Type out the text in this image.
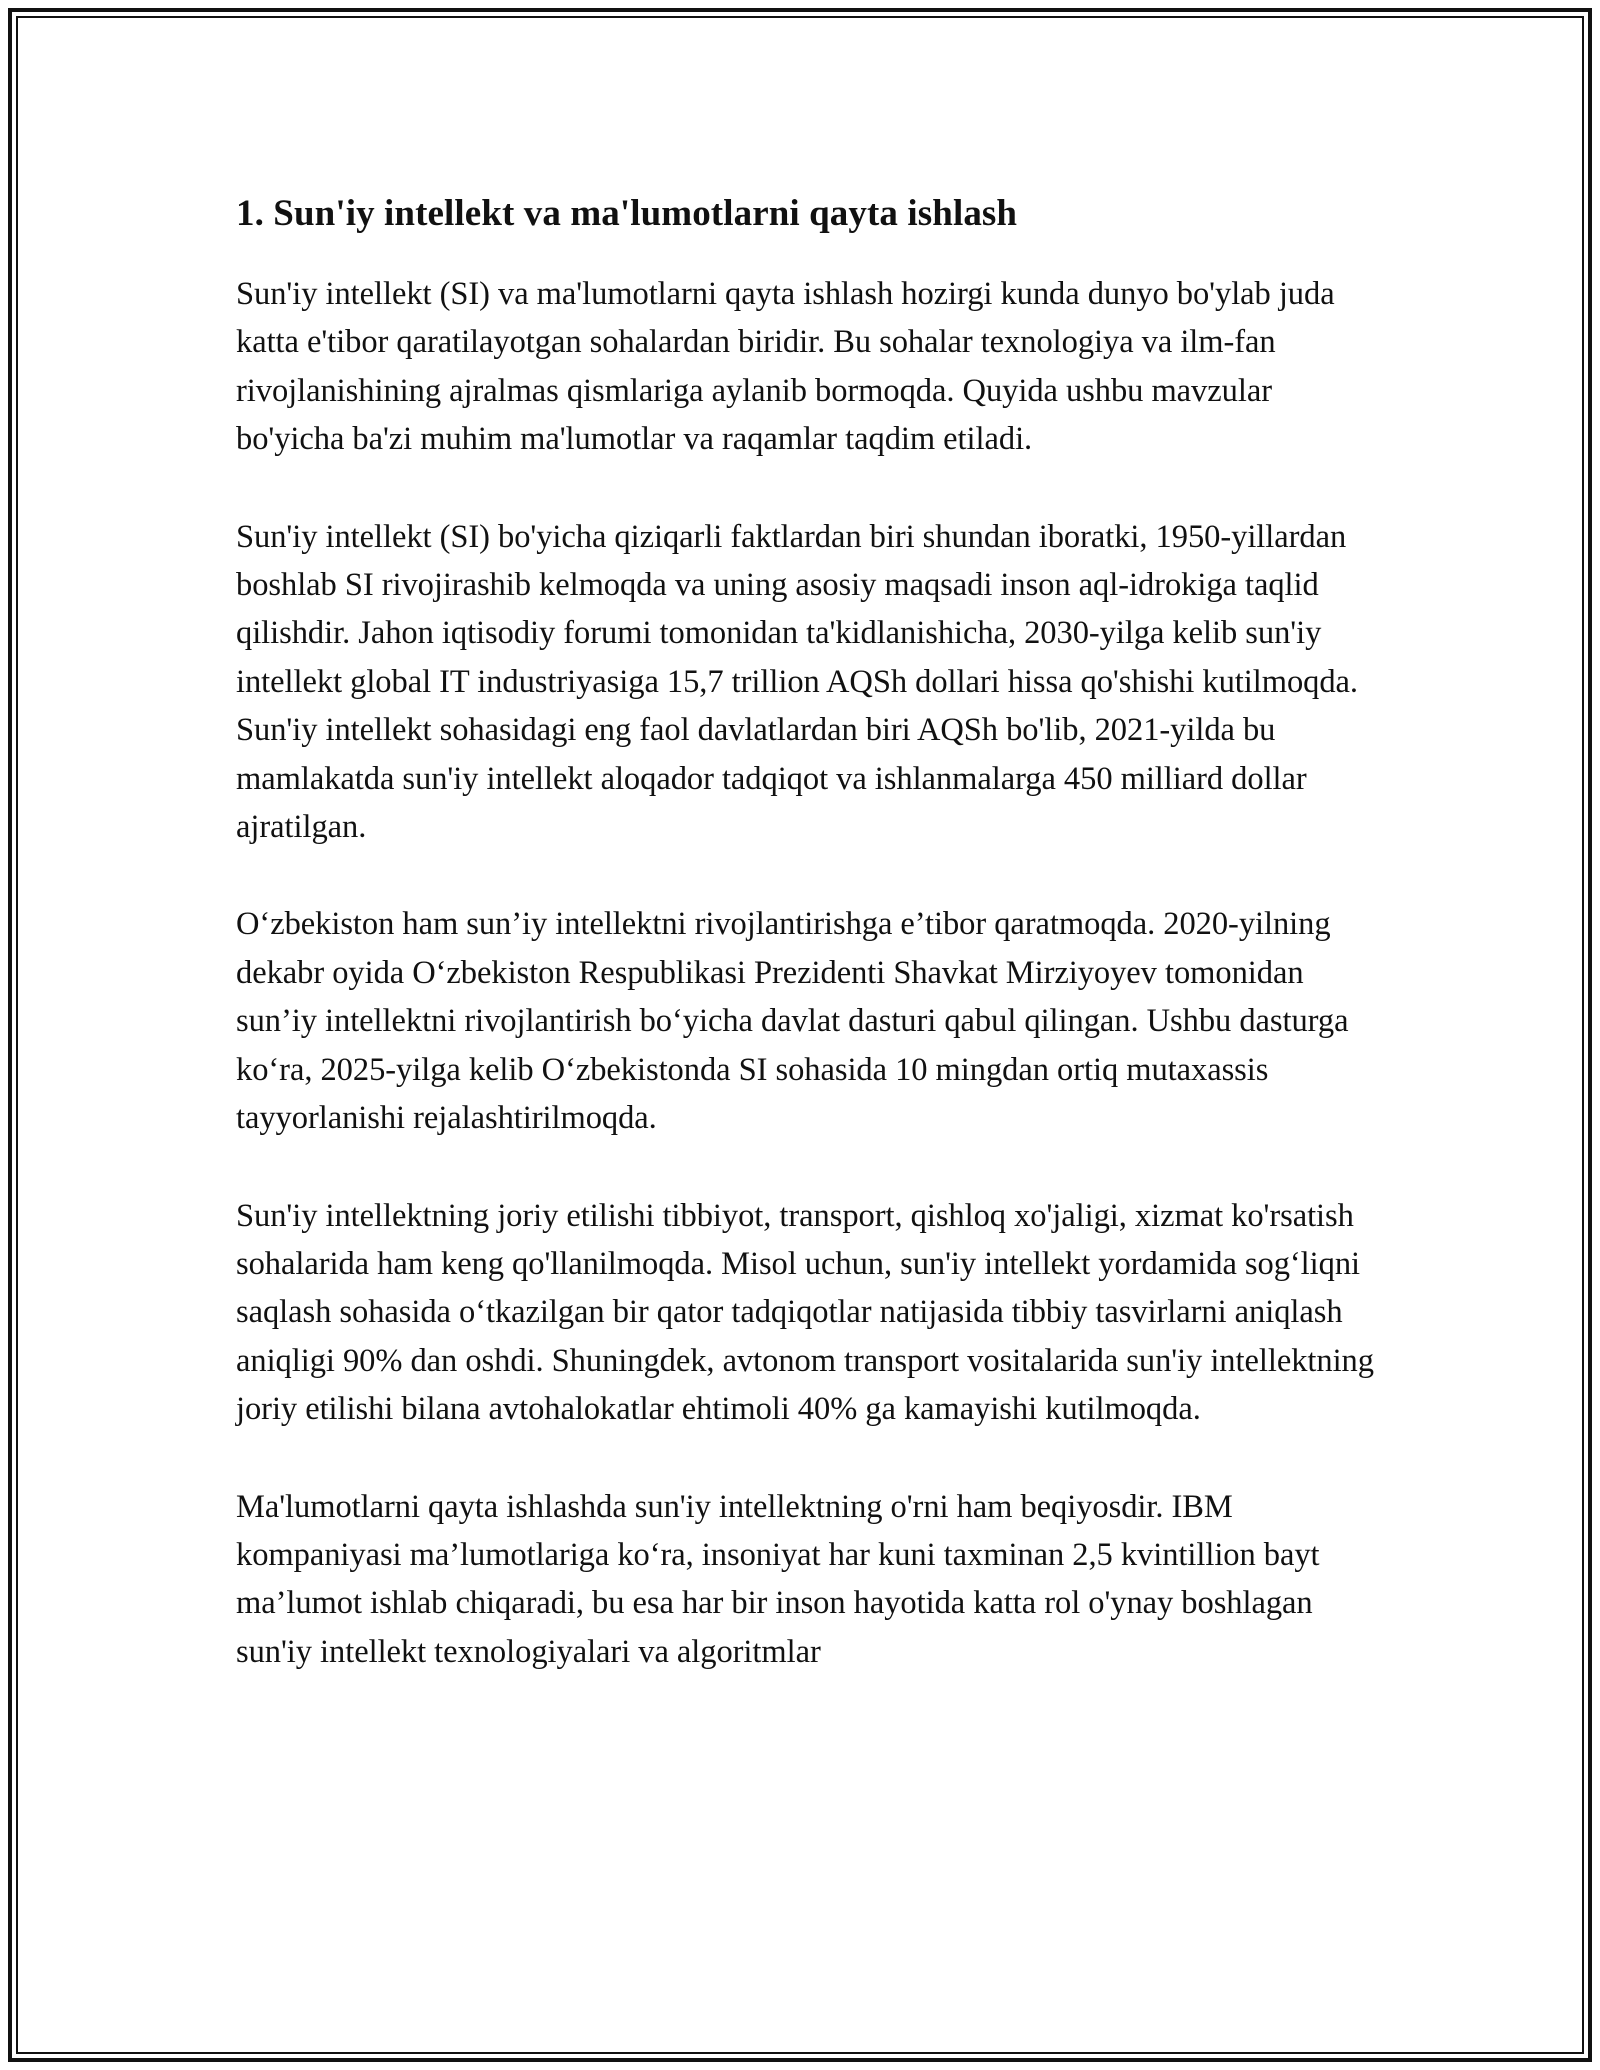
1. Sun'iy intellekt va ma'lumotlarni qayta ishlash

Sun'iy intellekt (SI) va ma'lumotlarni qayta ishlash hozirgi kunda dunyo bo'ylab juda katta e'tibor qaratilayotgan sohalardan biridir. Bu sohalar texnologiya va ilm-fan rivojlanishining ajralmas qismlariga aylanib bormoqda. Quyida ushbu mavzular bo'yicha ba'zi muhim ma'lumotlar va raqamlar taqdim etiladi.

Sun'iy intellekt (SI) bo'yicha qiziqarli faktlardan biri shundan iboratki, 1950-yillardan boshlab SI rivojirashib kelmoqda va uning asosiy maqsadi inson aql-idrokiga taqlid qilishdir. Jahon iqtisodiy forumi tomonidan ta'kidlanishicha, 2030-yilga kelib sun'iy intellekt global IT industriyasiga 15,7 trillion AQSh dollari hissa qo'shishi kutilmoqda. Sun'iy intellekt sohasidagi eng faol davlatlardan biri AQSh bo'lib, 2021-yilda bu mamlakatda sun'iy intellekt aloqador tadqiqot va ishlanmalarga 450 milliard dollar ajratilgan.

O‘zbekiston ham sun’iy intellektni rivojlantirishga e’tibor qaratmoqda. 2020-yilning dekabr oyida O‘zbekiston Respublikasi Prezidenti Shavkat Mirziyoyev tomonidan sun’iy intellektni rivojlantirish bo‘yicha davlat dasturi qabul qilingan. Ushbu dasturga ko‘ra, 2025-yilga kelib O‘zbekistonda SI sohasida 10 mingdan ortiq mutaxassis tayyorlanishi rejalashtirilmoqda.

Sun'iy intellektning joriy etilishi tibbiyot, transport, qishloq xo'jaligi, xizmat ko'rsatish sohalarida ham keng qo'llanilmoqda. Misol uchun, sun'iy intellekt yordamida sog‘liqni saqlash sohasida o‘tkazilgan bir qator tadqiqotlar natijasida tibbiy tasvirlarni aniqlash aniqligi 90% dan oshdi. Shuningdek, avtonom transport vositalarida sun'iy intellektning joriy etilishi bilana avtohalokatlar ehtimoli 40% ga kamayishi kutilmoqda.

Ma'lumotlarni qayta ishlashda sun'iy intellektning o'rni ham beqiyosdir. IBM kompaniyasi ma’lumotlariga ko‘ra, insoniyat har kuni taxminan 2,5 kvintillion bayt ma’lumot ishlab chiqaradi, bu esa har bir inson hayotida katta rol o'ynay boshlagan sun'iy intellekt texnologiyalari va algoritmlar
